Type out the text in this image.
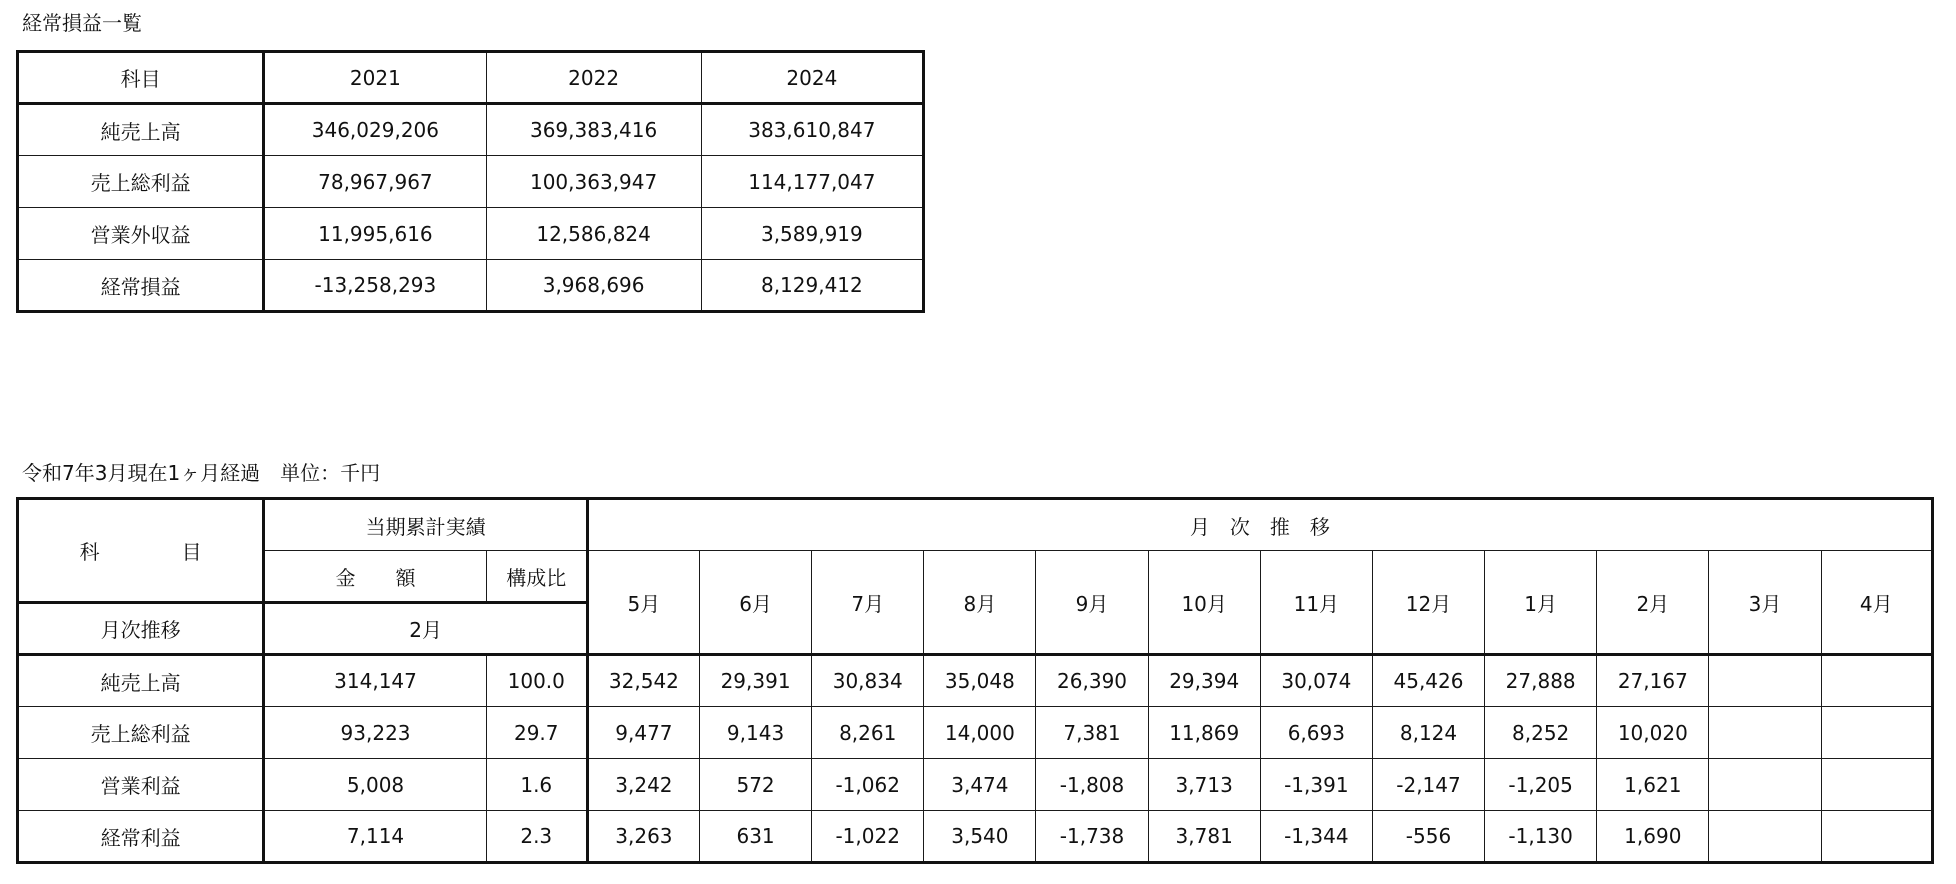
経常損益一覧
科目	2021	2022	2024
純売上高	346,029,206	369,383,416	383,610,847
売上総利益	78,967,967	100,363,947	114,177,047
営業外収益	11,995,616	12,586,824	3,589,919
経常損益	-13,258,293	3,968,696	8,129,412
令和7年3月現在1ヶ月経過　単位：千円
科　　目	当期累計実績		月　次　推　移											
	金　　額	構成比	5月	6月	7月	8月	9月	10月	11月	12月	1月	2月	3月	4月
月次推移	2月													
純売上高	314,147	100.0	32,542	29,391	30,834	35,048	26,390	29,394	30,074	45,426	27,888	27,167		
売上総利益	93,223	29.7	9,477	9,143	8,261	14,000	7,381	11,869	6,693	8,124	8,252	10,020		
営業利益	5,008	1.6	3,242	572	-1,062	3,474	-1,808	3,713	-1,391	-2,147	-1,205	1,621		
経常利益	7,114	2.3	3,263	631	-1,022	3,540	-1,738	3,781	-1,344	-556	-1,130	1,690		
